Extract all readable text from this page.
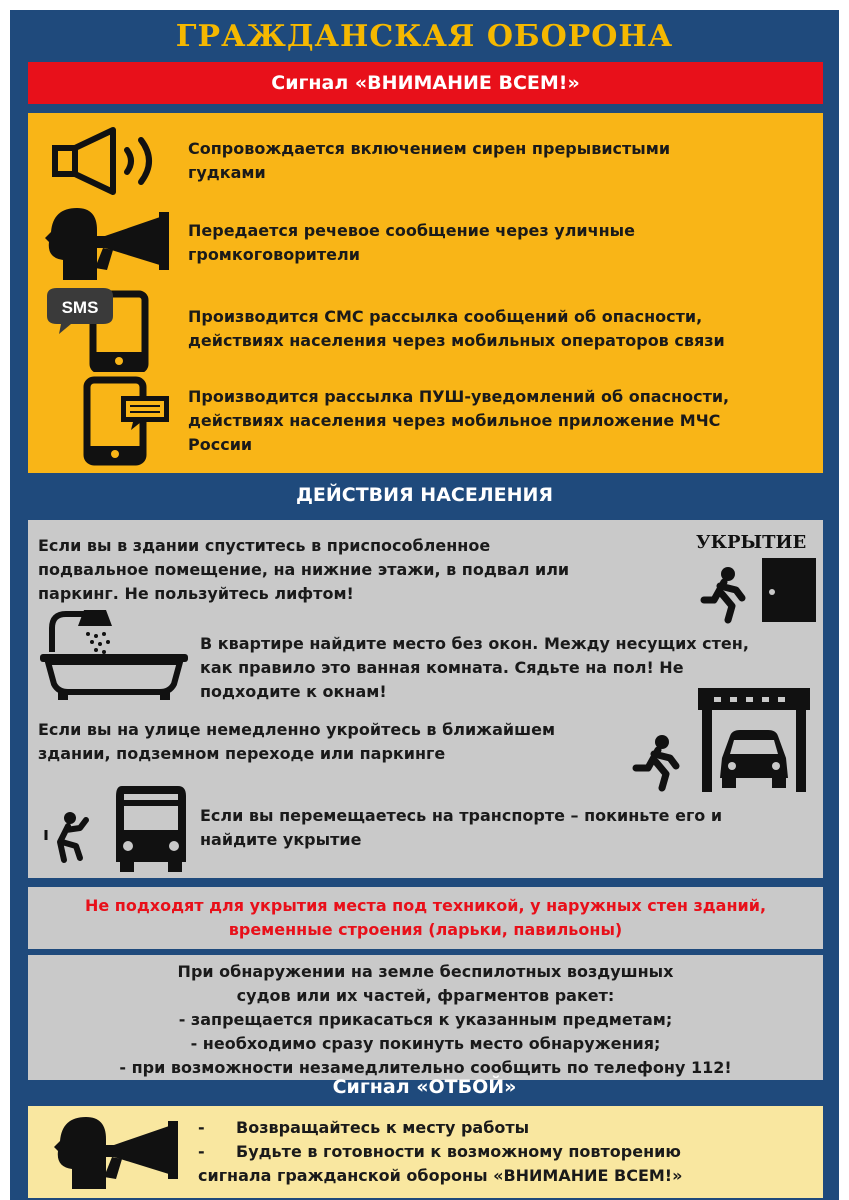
ГРАЖДАНСКАЯ ОБОРОНА
Сигнал «ВНИМАНИЕ ВСЕМ!»
Сопровождается включением сирен прерывистыми
гудками
Передается речевое сообщение через уличные
громкоговорители
SMS	Производится СМС рассылка сообщений об опасности,
действиях населения через мобильных операторов связи
Производится рассылка ПУШ-уведомлений об опасности,
действиях населения через мобильное приложение МЧС
России
ДЕЙСТВИЯ НАСЕЛЕНИЯ
Если вы в здании спуститесь в приспособленное
подвальное помещение, на нижние этажи, в подвал или
паркинг. Не пользуйтесь лифтом!
УКРЫТИЕ
В квартире найдите место без окон. Между несущих стен,
как правило это ванная комната. Сядьте на пол! Не
подходите к окнам!
Если вы на улице немедленно укройтесь в ближайшем
здании, подземном переходе или паркинге
Если вы перемещаетесь на транспорте – покиньте его и
найдите укрытие
Не подходят для укрытия места под техникой, у наружных стен зданий,
временные строения (ларьки, павильоны)
При обнаружении на земле беспилотных воздушных
судов или их частей, фрагментов ракет:
- запрещается прикасаться к указанным предметам;
- необходимо сразу покинуть место обнаружения;
- при возможности незамедлительно сообщить по телефону 112!
Сигнал «ОТБОЙ»
-	Возвращайтесь к месту работы
-	Будьте в готовности к возможному повторению
сигнала гражданской обороны «ВНИМАНИЕ ВСЕМ!»
